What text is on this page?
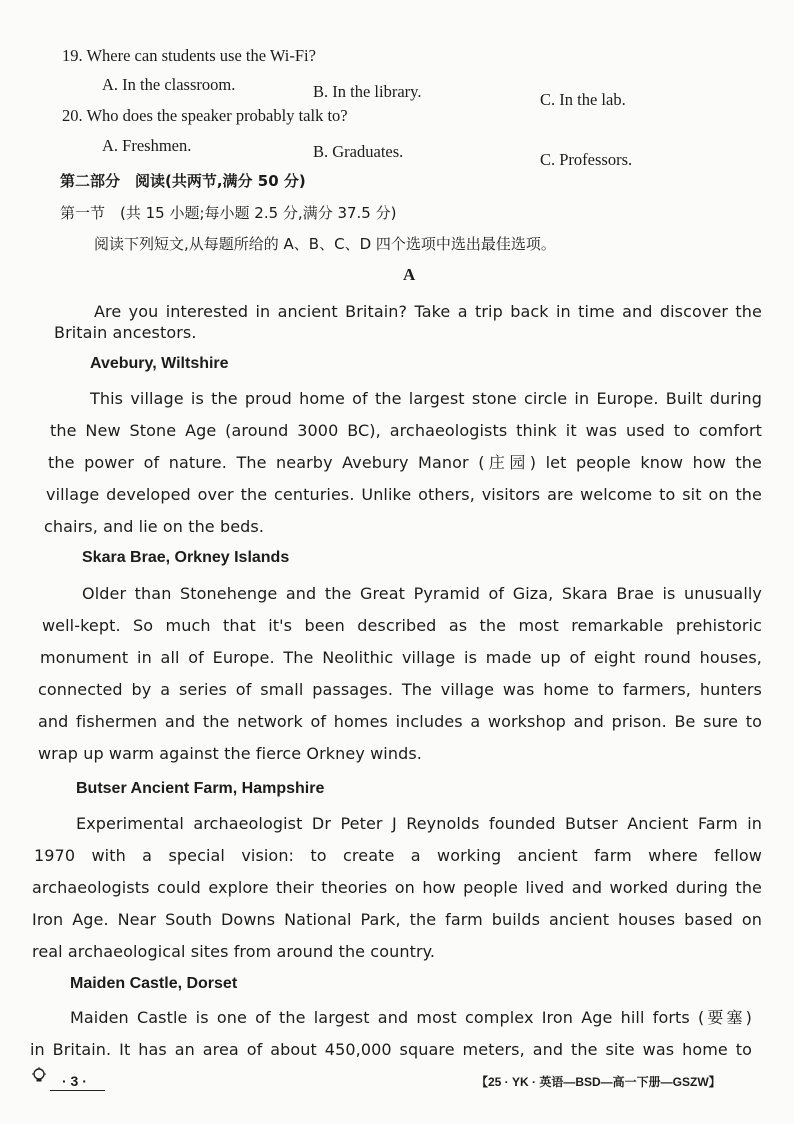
19. Where can students use the Wi-Fi?
A. In the classroom.	B. In the library.	C. In the lab.
20. Who does the speaker probably talk to?
A. Freshmen.	B. Graduates.	C. Professors.
第二部分　阅读(共两节,满分 50 分)
第一节　(共 15 小题;每小题 2.5 分,满分 37.5 分)
阅读下列短文,从每题所给的 A、B、C、D 四个选项中选出最佳选项。
A
Are you interested in ancient Britain? Take a trip back in time and discover the
Britain ancestors.
Avebury, Wiltshire
This village is the proud home of the largest stone circle in Europe. Built during
the New Stone Age (around 3000 BC), archaeologists think it was used to comfort
the power of nature. The nearby Avebury Manor (庄园) let people know how the
village developed over the centuries. Unlike others, visitors are welcome to sit on the
chairs, and lie on the beds.
Skara Brae, Orkney Islands
Older than Stonehenge and the Great Pyramid of Giza, Skara Brae is unusually
well-kept. So much that it's been described as the most remarkable prehistoric
monument in all of Europe. The Neolithic village is made up of eight round houses,
connected by a series of small passages. The village was home to farmers, hunters
and fishermen and the network of homes includes a workshop and prison. Be sure to
wrap up warm against the fierce Orkney winds.
Butser Ancient Farm, Hampshire
Experimental archaeologist Dr Peter J Reynolds founded Butser Ancient Farm in
1970 with a special vision: to create a working ancient farm where fellow
archaeologists could explore their theories on how people lived and worked during the
Iron Age. Near South Downs National Park, the farm builds ancient houses based on
real archaeological sites from around the country.
Maiden Castle, Dorset
Maiden Castle is one of the largest and most complex Iron Age hill forts (要塞)
in Britain. It has an area of about 450,000 square meters, and the site was home to
· 3 ·	【25 · YK · 英语—BSD—高一下册—GSZW】
